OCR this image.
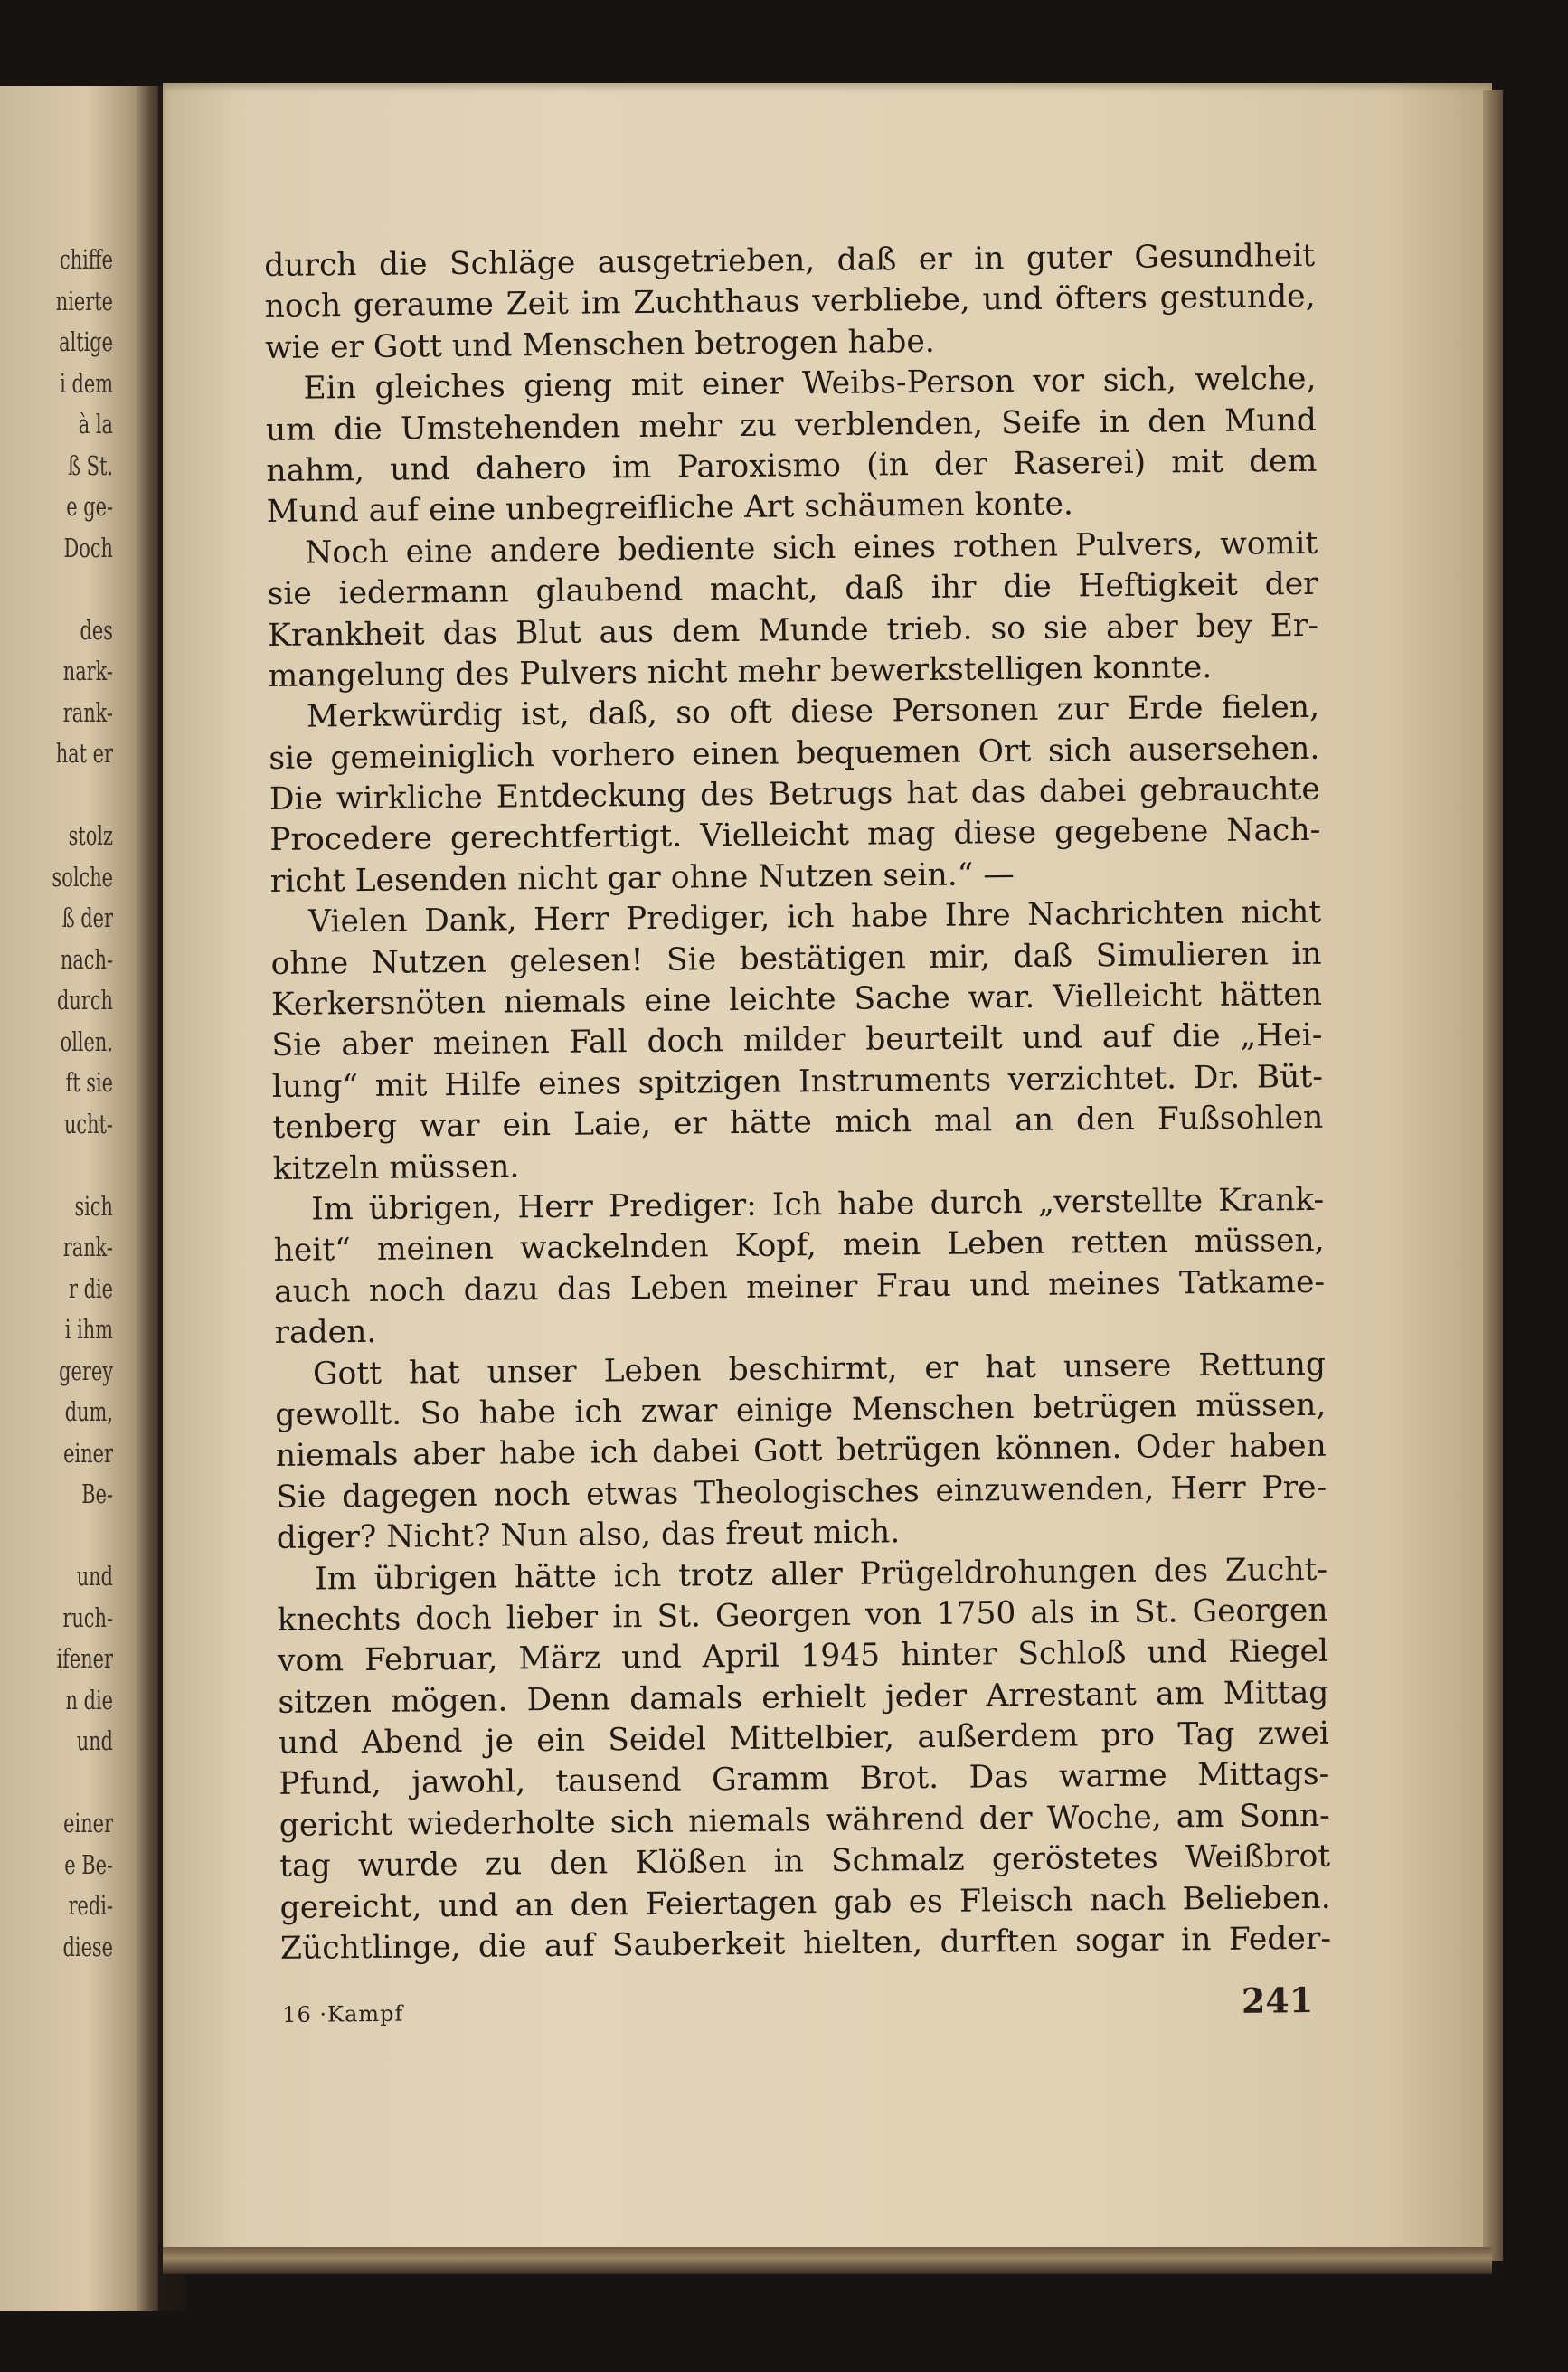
chiffe
nierte
altige
i dem
à la
ß St.
e ge-
Doch
des
nark-
rank-
hat er
stolz
solche
ß der
nach-
durch
ollen.
ft sie
ucht-
sich
rank-
r die
i ihm
gerey
dum,
einer
Be-
und
ruch-
ifener
n die
und
einer
e Be-
redi-
diese
durch die Schläge ausgetrieben, daß er in guter Gesundheit
noch geraume Zeit im Zuchthaus verbliebe, und öfters gestunde,
wie er Gott und Menschen betrogen habe.
Ein gleiches gieng mit einer Weibs-Person vor sich, welche,
um die Umstehenden mehr zu verblenden, Seife in den Mund
nahm, und dahero im Paroxismo (in der Raserei) mit dem
Mund auf eine unbegreifliche Art schäumen konte.
Noch eine andere bediente sich eines rothen Pulvers, womit
sie iedermann glaubend macht, daß ihr die Heftigkeit der
Krankheit das Blut aus dem Munde trieb. so sie aber bey Er-
mangelung des Pulvers nicht mehr bewerkstelligen konnte.
Merkwürdig ist, daß, so oft diese Personen zur Erde fielen,
sie gemeiniglich vorhero einen bequemen Ort sich ausersehen.
Die wirkliche Entdeckung des Betrugs hat das dabei gebrauchte
Procedere gerechtfertigt. Vielleicht mag diese gegebene Nach-
richt Lesenden nicht gar ohne Nutzen sein.“ —
Vielen Dank, Herr Prediger, ich habe Ihre Nachrichten nicht
ohne Nutzen gelesen! Sie bestätigen mir, daß Simulieren in
Kerkersnöten niemals eine leichte Sache war. Vielleicht hätten
Sie aber meinen Fall doch milder beurteilt und auf die „Hei-
lung“ mit Hilfe eines spitzigen Instruments verzichtet. Dr. Büt-
tenberg war ein Laie, er hätte mich mal an den Fußsohlen
kitzeln müssen.
Im übrigen, Herr Prediger: Ich habe durch „verstellte Krank-
heit“ meinen wackelnden Kopf, mein Leben retten müssen,
auch noch dazu das Leben meiner Frau und meines Tatkame-
raden.
Gott hat unser Leben beschirmt, er hat unsere Rettung
gewollt. So habe ich zwar einige Menschen betrügen müssen,
niemals aber habe ich dabei Gott betrügen können. Oder haben
Sie dagegen noch etwas Theologisches einzuwenden, Herr Pre-
diger? Nicht? Nun also, das freut mich.
Im übrigen hätte ich trotz aller Prügeldrohungen des Zucht-
knechts doch lieber in St. Georgen von 1750 als in St. Georgen
vom Februar, März und April 1945 hinter Schloß und Riegel
sitzen mögen. Denn damals erhielt jeder Arrestant am Mittag
und Abend je ein Seidel Mittelbier, außerdem pro Tag zwei
Pfund, jawohl, tausend Gramm Brot. Das warme Mittags-
gericht wiederholte sich niemals während der Woche, am Sonn-
tag wurde zu den Klößen in Schmalz geröstetes Weißbrot
gereicht, und an den Feiertagen gab es Fleisch nach Belieben.
Züchtlinge, die auf Sauberkeit hielten, durften sogar in Feder-
16 ·Kampf	241
